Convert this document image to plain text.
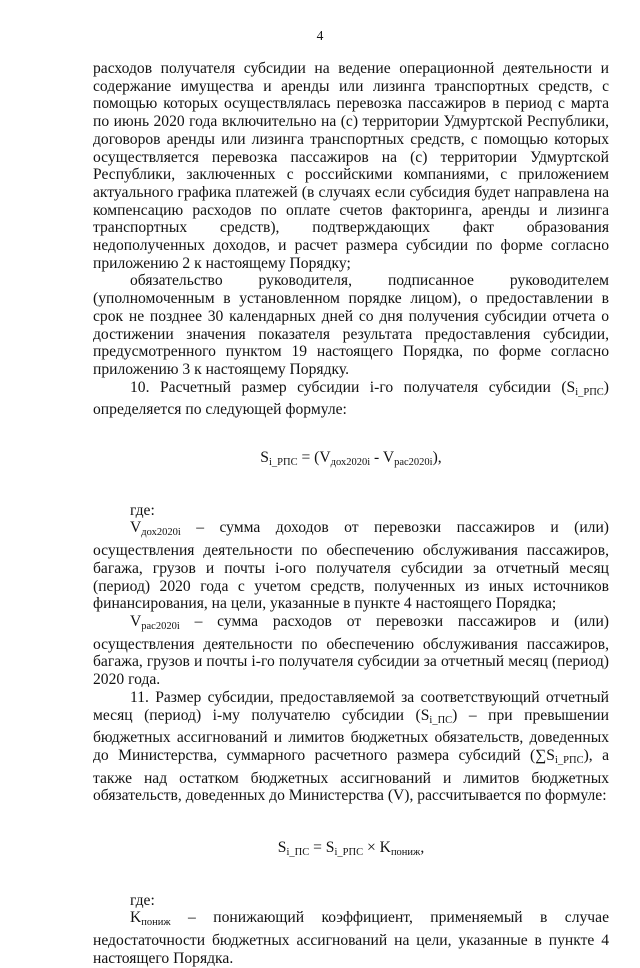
4

расходов получателя субсидии на ведение операционной деятельности и содержание имущества и аренды или лизинга транспортных средств, с помощью которых осуществлялась перевозка пассажиров в период с марта по июнь 2020 года включительно на (с) территории Удмуртской Республики, договоров аренды или лизинга транспортных средств, с помощью которых осуществляется перевозка пассажиров на (с) территории Удмуртской Республики, заключенных с российскими компаниями, с приложением актуального графика платежей (в случаях если субсидия будет направлена на компенсацию расходов по оплате счетов факторинга, аренды и лизинга транспортных средств), подтверждающих факт образования недополученных доходов, и расчет размера субсидии по форме согласно приложению 2 к настоящему Порядку;

обязательство руководителя, подписанное руководителем (уполномоченным в установленном порядке лицом), о предоставлении в срок не позднее 30 календарных дней со дня получения субсидии отчета о достижении значения показателя результата предоставления субсидии, предусмотренного пунктом 19 настоящего Порядка, по форме согласно приложению 3 к настоящему Порядку.

10. Расчетный размер субсидии i-го получателя субсидии $(S_{i\_РПС})$ определяется по следующей формуле:

$S_{i\_РПС} = (V_{дох2020i} - V_{рас2020i})$,

где:

$V_{дох2020i}$ – сумма доходов от перевозки пассажиров и (или) осуществления деятельности по обеспечению обслуживания пассажиров, багажа, грузов и почты i-ого получателя субсидии за отчетный месяц (период) 2020 года с учетом средств, полученных из иных источников финансирования, на цели, указанные в пункте 4 настоящего Порядка;

$V_{рас2020i}$ – сумма расходов от перевозки пассажиров и (или) осуществления деятельности по обеспечению обслуживания пассажиров, багажа, грузов и почты i-го получателя субсидии за отчетный месяц (период) 2020 года.

11. Размер субсидии, предоставляемой за соответствующий отчетный месяц (период) i-му получателю субсидии $(S_{i\_ПС})$ – при превышении бюджетных ассигнований и лимитов бюджетных обязательств, доведенных до Министерства, суммарного расчетного размера субсидий $(\sum S_{i\_РПС})$, а также над остатком бюджетных ассигнований и лимитов бюджетных обязательств, доведенных до Министерства (V), рассчитывается по формуле:

$S_{i\_ПС} = S_{i\_РПС} \times K_{пониж}$,

где:

$K_{пониж}$ – понижающий коэффициент, применяемый в случае недостаточности бюджетных ассигнований на цели, указанные в пункте 4 настоящего Порядка.
